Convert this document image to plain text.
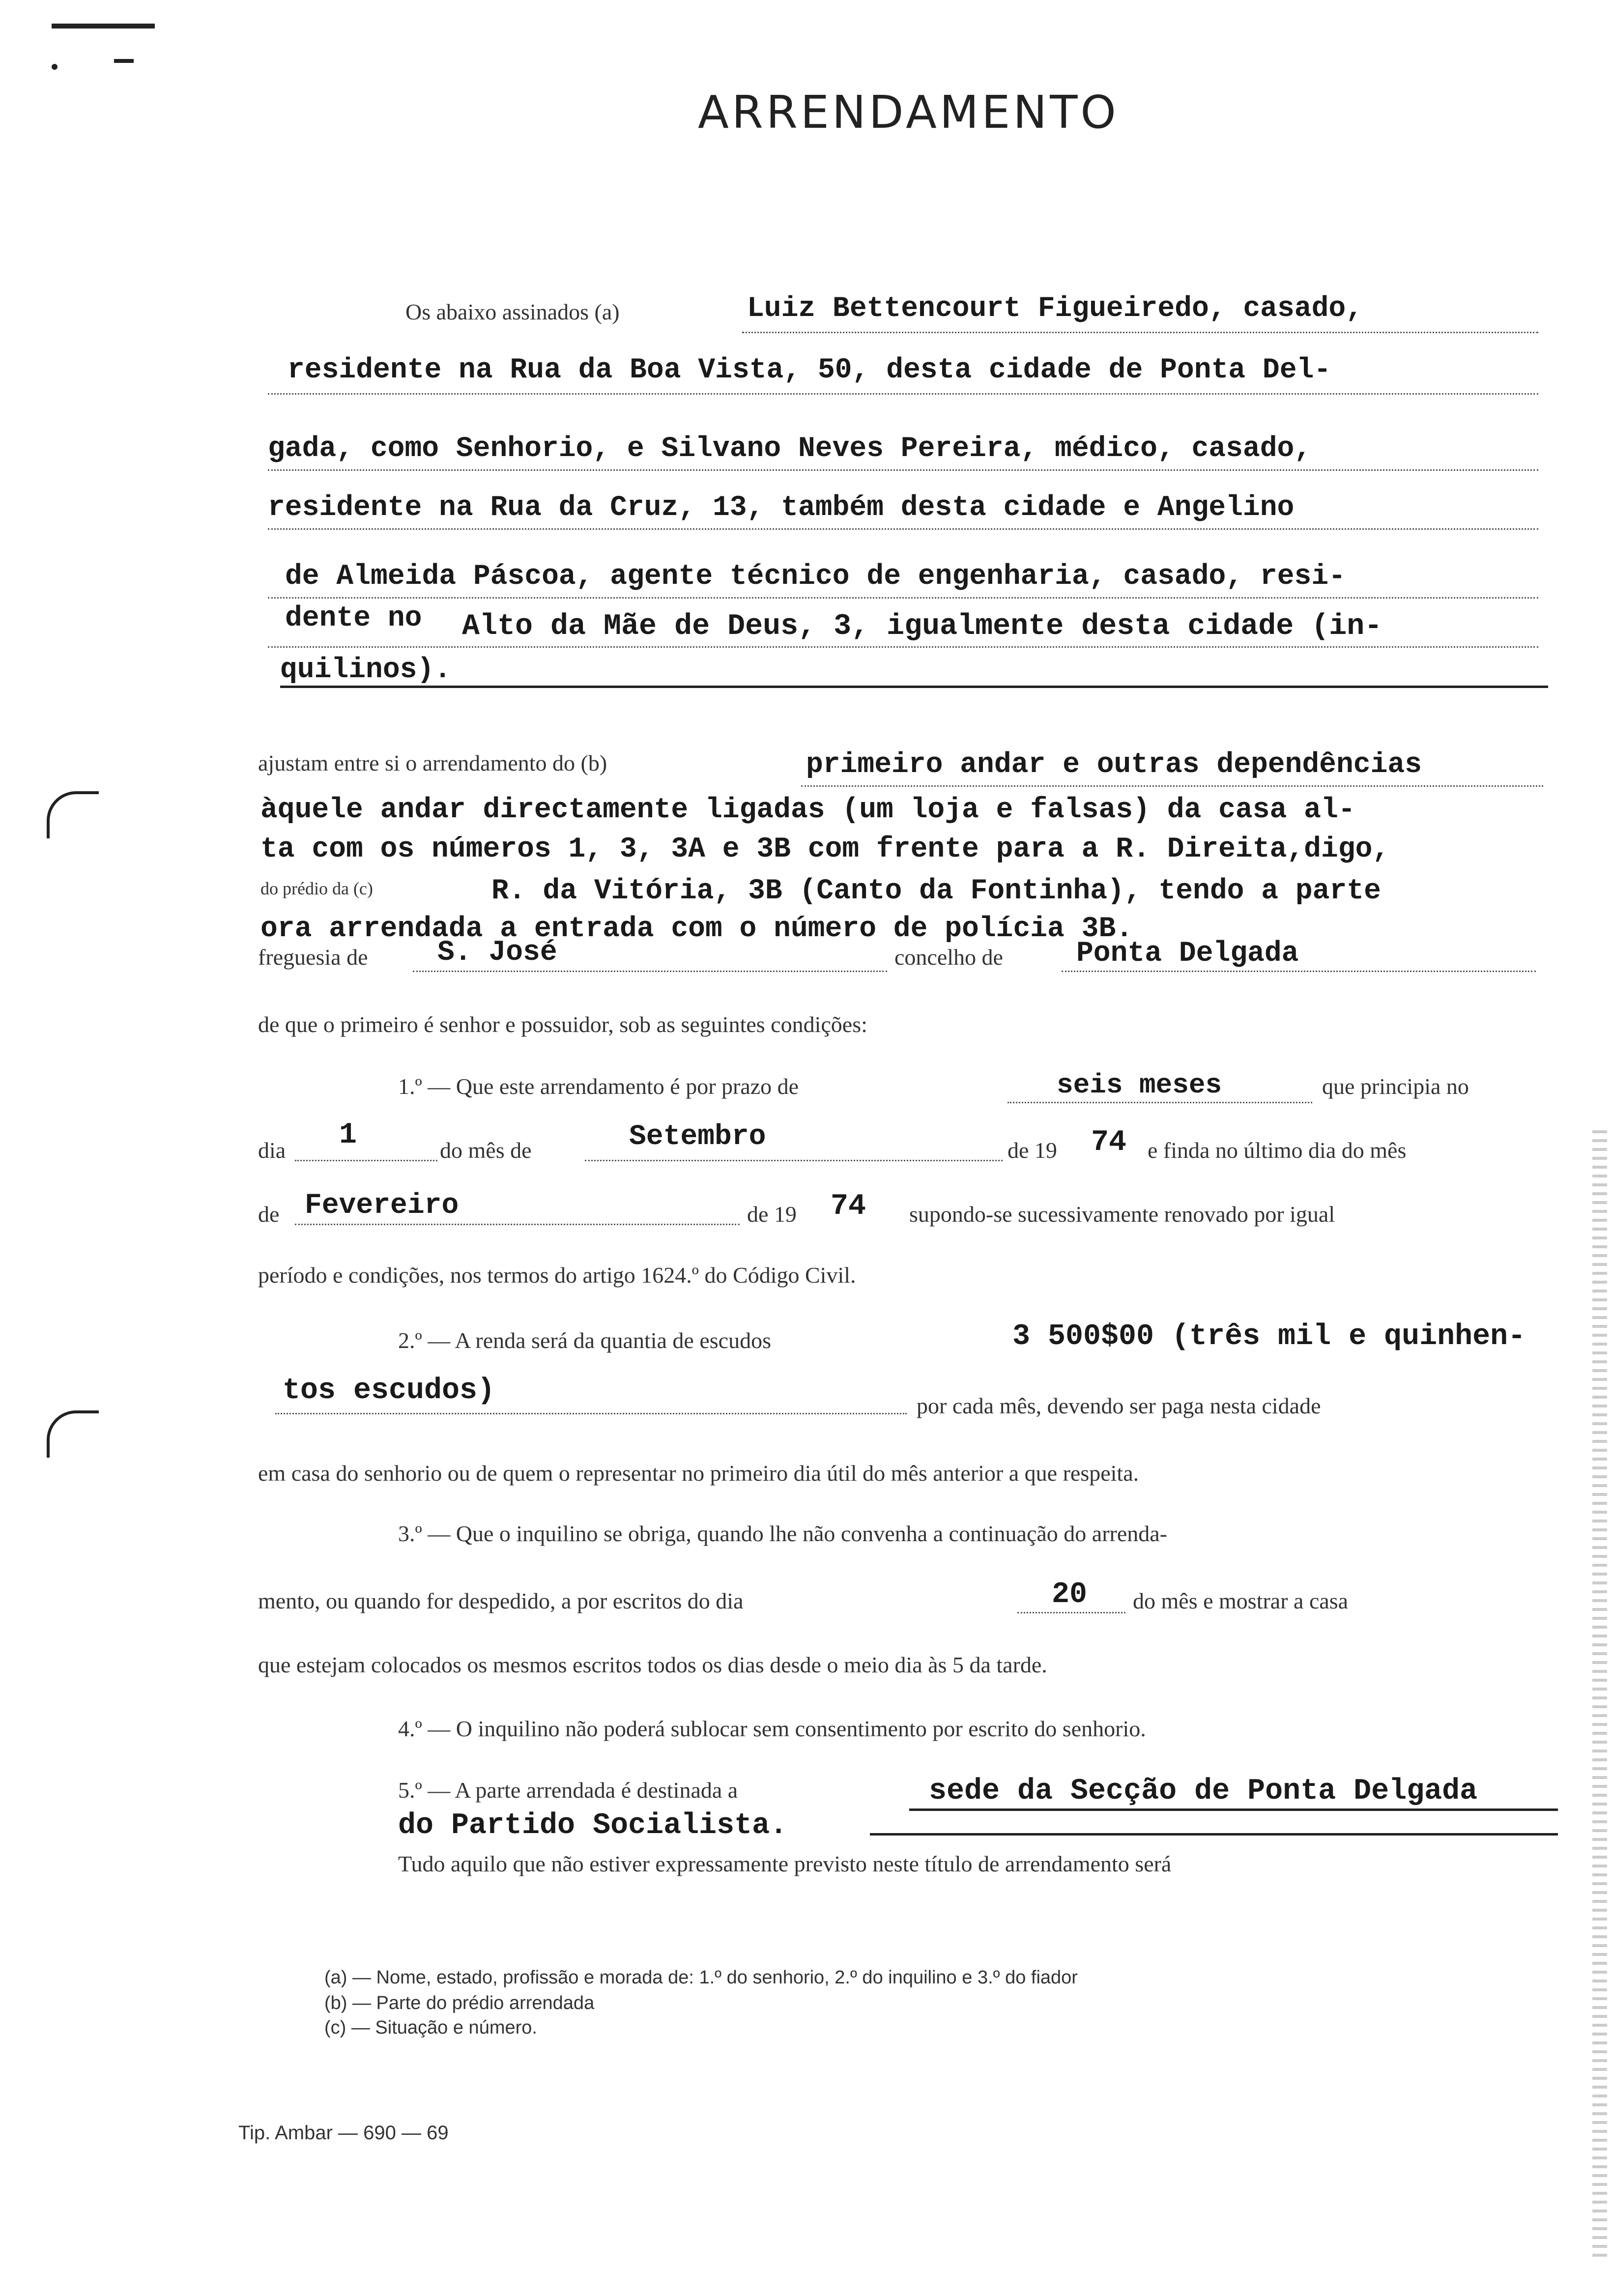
ARRENDAMENTO
Os abaixo assinados (a)	Luiz Bettencourt Figueiredo, casado,
residente na Rua da Boa Vista, 50, desta cidade de Ponta Del-
gada, como Senhorio, e Silvano Neves Pereira, médico, casado,
residente na Rua da Cruz, 13, também desta cidade e Angelino
de Almeida Páscoa, agente técnico de engenharia, casado, resi-
dente no Alto da Mãe de Deus, 3, igualmente desta cidade (in-
quilinos).
ajustam entre si o arrendamento do (b)	primeiro andar e outras dependências
àquele andar directamente ligadas (um loja e falsas) da casa al-
ta com os números 1, 3, 3A e 3B com frente para a R. Direita,digo,
do prédio da (c)	R. da Vitória, 3B (Canto da Fontinha), tendo a parte
ora arrendada a entrada com o número de polícia 3B.
freguesia de S. José	concelho de	Ponta Delgada
de que o primeiro é senhor e possuidor, sob as seguintes condições:
1.º — Que este arrendamento é por prazo de	seis meses	que principia no
dia 1	do mês de	Setembro	de 19 74 e finda no último dia do mês
de Fevereiro	de 19 74 supondo-se sucessivamente renovado por igual
período e condições, nos termos do artigo 1624.º do Código Civil.
2.º — A renda será da quantia de escudos	3 500$00 (três mil e quinhen-
tos escudos)	por cada mês, devendo ser paga nesta cidade
em casa do senhorio ou de quem o representar no primeiro dia útil do mês anterior a que respeita.
3.º — Que o inquilino se obriga, quando lhe não convenha a continuação do arrenda-
mento, ou quando for despedido, a por escritos do dia	20 do mês e mostrar a casa
que estejam colocados os mesmos escritos todos os dias desde o meio dia às 5 da tarde.
4.º — O inquilino não poderá sublocar sem consentimento por escrito do senhorio.
5.º — A parte arrendada é destinada a	sede da Secção de Ponta Delgada
do Partido Socialista.
Tudo aquilo que não estiver expressamente previsto neste título de arrendamento será
(a) — Nome, estado, profissão e morada de: 1.º do senhorio, 2.º do inquilino e 3.º do fiador
(b) — Parte do prédio arrendada
(c) — Situação e número.
Tip. Ambar — 690 — 69
